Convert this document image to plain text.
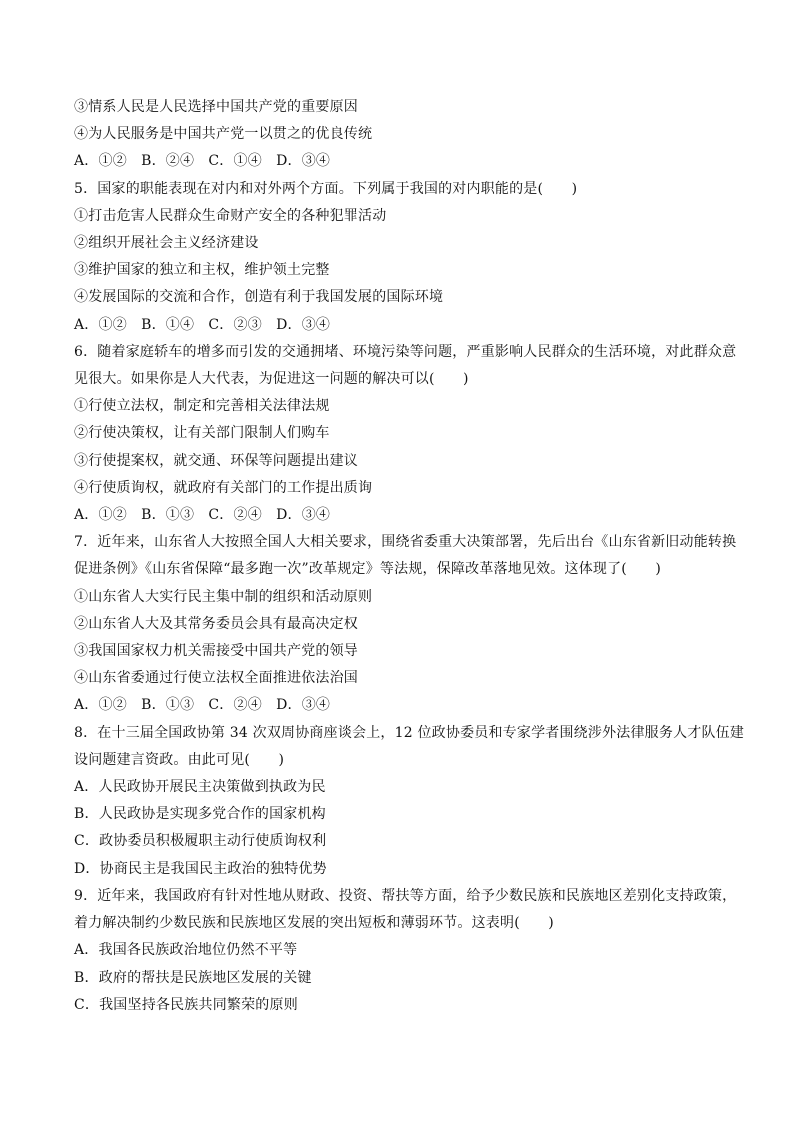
③情系人民是人民选择中国共产党的重要原因
④为人民服务是中国共产党一以贯之的优良传统
A．①②　B．②④　C．①④　D．③④
5．国家的职能表现在对内和对外两个方面。下列属于我国的对内职能的是(　　)
①打击危害人民群众生命财产安全的各种犯罪活动
②组织开展社会主义经济建设
③维护国家的独立和主权，维护领土完整
④发展国际的交流和合作，创造有利于我国发展的国际环境
A．①②　B．①④　C．②③　D．③④
6．随着家庭轿车的增多而引发的交通拥堵、环境污染等问题，严重影响人民群众的生活环境，对此群众意
见很大。如果你是人大代表，为促进这一问题的解决可以(　　)
①行使立法权，制定和完善相关法律法规
②行使决策权，让有关部门限制人们购车
③行使提案权，就交通、环保等问题提出建议
④行使质询权，就政府有关部门的工作提出质询
A．①②　B．①③　C．②④　D．③④
7．近年来，山东省人大按照全国人大相关要求，围绕省委重大决策部署，先后出台《山东省新旧动能转换
促进条例》《山东省保障“最多跑一次”改革规定》等法规，保障改革落地见效。这体现了(　　)
①山东省人大实行民主集中制的组织和活动原则
②山东省人大及其常务委员会具有最高决定权
③我国国家权力机关需接受中国共产党的领导
④山东省委通过行使立法权全面推进依法治国
A．①②　B．①③　C．②④　D．③④
8．在十三届全国政协第 34 次双周协商座谈会上，12 位政协委员和专家学者围绕涉外法律服务人才队伍建
设问题建言资政。由此可见(　　)
A．人民政协开展民主决策做到执政为民
B．人民政协是实现多党合作的国家机构
C．政协委员积极履职主动行使质询权利
D．协商民主是我国民主政治的独特优势
9．近年来，我国政府有针对性地从财政、投资、帮扶等方面，给予少数民族和民族地区差别化支持政策，
着力解决制约少数民族和民族地区发展的突出短板和薄弱环节。这表明(　　)
A．我国各民族政治地位仍然不平等
B．政府的帮扶是民族地区发展的关键
C．我国坚持各民族共同繁荣的原则
